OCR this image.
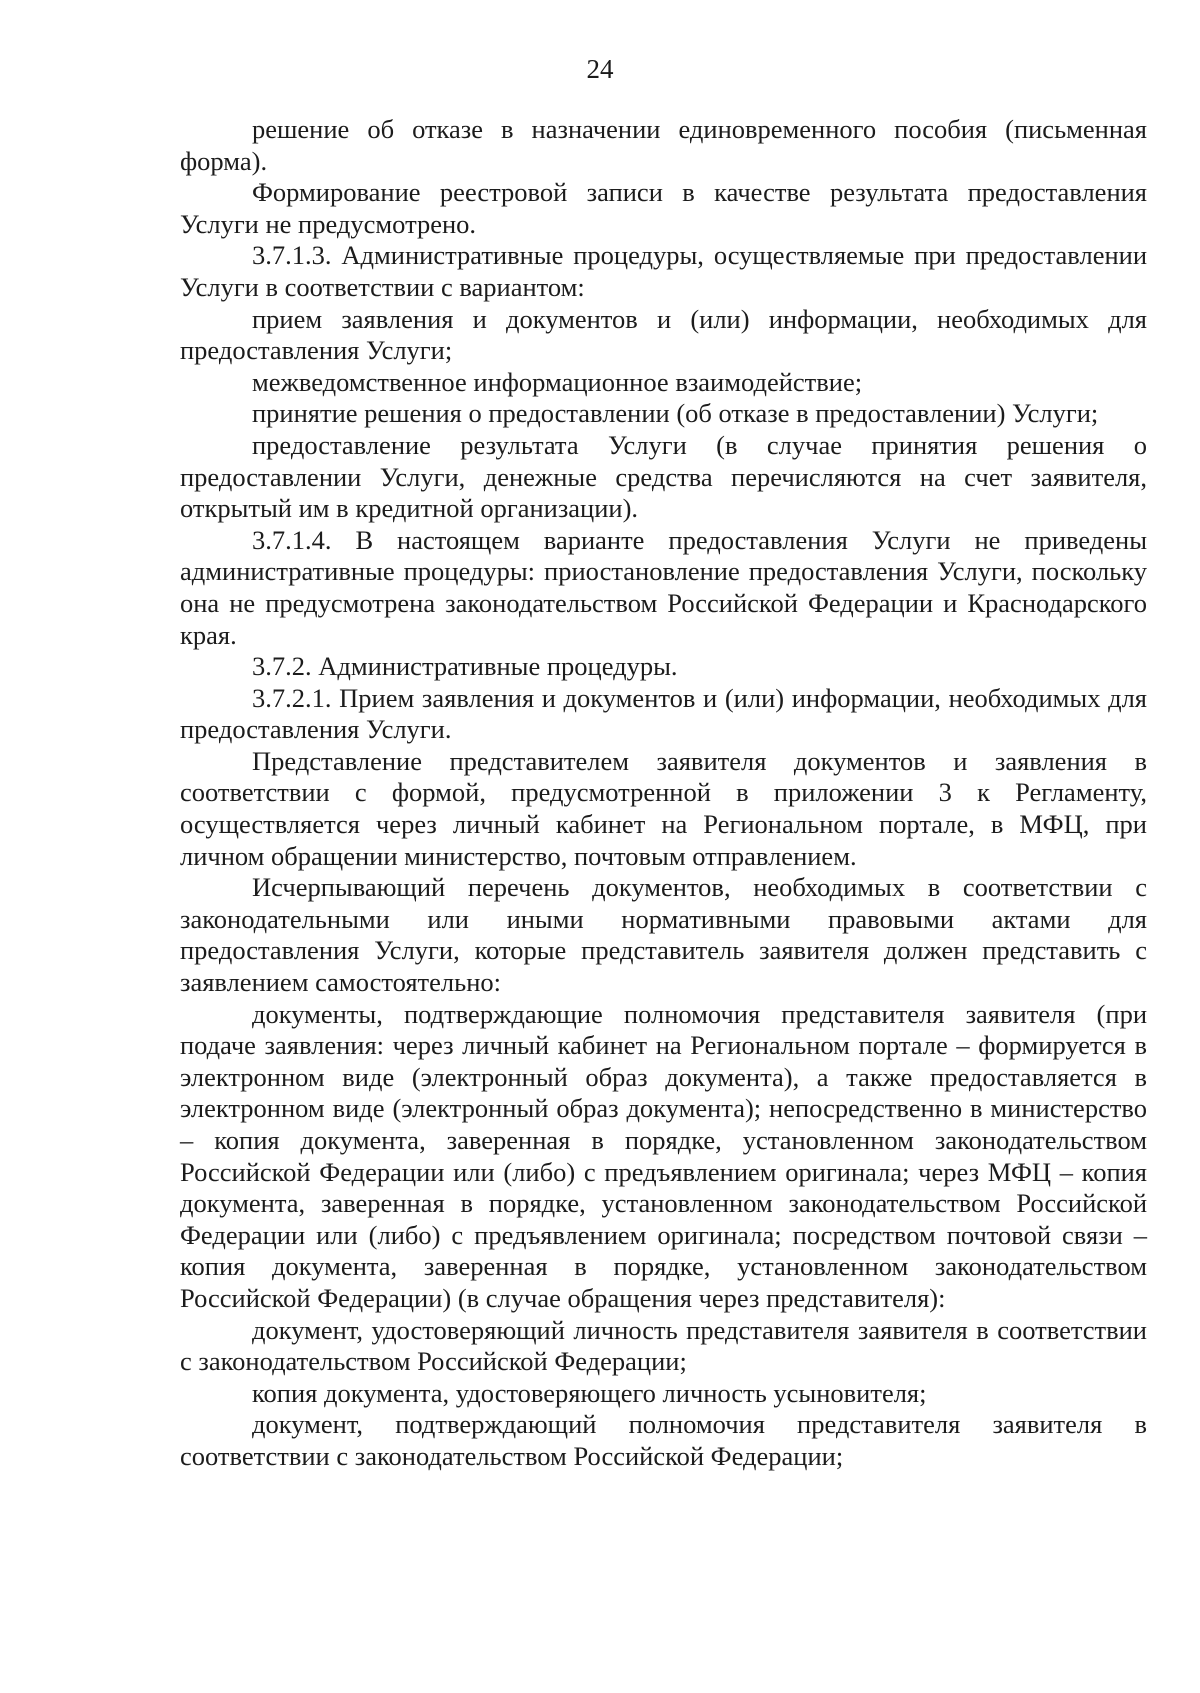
24

решение об отказе в назначении единовременного пособия (письменная форма).

Формирование реестровой записи в качестве результата предоставления Услуги не предусмотрено.

3.7.1.3. Административные процедуры, осуществляемые при предоставлении Услуги в соответствии с вариантом:

прием заявления и документов и (или) информации, необходимых для предоставления Услуги;

межведомственное информационное взаимодействие;

принятие решения о предоставлении (об отказе в предоставлении) Услуги;

предоставление результата Услуги (в случае принятия решения о предоставлении Услуги, денежные средства перечисляются на счет заявителя, открытый им в кредитной организации).

3.7.1.4. В настоящем варианте предоставления Услуги не приведены административные процедуры: приостановление предоставления Услуги, поскольку она не предусмотрена законодательством Российской Федерации и Краснодарского края.

3.7.2. Административные процедуры.

3.7.2.1. Прием заявления и документов и (или) информации, необходимых для предоставления Услуги.

Представление представителем заявителя документов и заявления в соответствии с формой, предусмотренной в приложении 3 к Регламенту, осуществляется через личный кабинет на Региональном портале, в МФЦ, при личном обращении министерство, почтовым отправлением.

Исчерпывающий перечень документов, необходимых в соответствии с законодательными или иными нормативными правовыми актами для предоставления Услуги, которые представитель заявителя должен представить с заявлением самостоятельно:

документы, подтверждающие полномочия представителя заявителя (при подаче заявления: через личный кабинет на Региональном портале – формируется в электронном виде (электронный образ документа), а также предоставляется в электронном виде (электронный образ документа); непосредственно в министерство – копия документа, заверенная в порядке, установленном законодательством Российской Федерации или (либо) с предъявлением оригинала; через МФЦ – копия документа, заверенная в порядке, установленном законодательством Российской Федерации или (либо) с предъявлением оригинала; посредством почтовой связи – копия документа, заверенная в порядке, установленном законодательством Российской Федерации) (в случае обращения через представителя):

документ, удостоверяющий личность представителя заявителя в соответствии с законодательством Российской Федерации;

копия документа, удостоверяющего личность усыновителя;

документ, подтверждающий полномочия представителя заявителя в соответствии с законодательством Российской Федерации;
